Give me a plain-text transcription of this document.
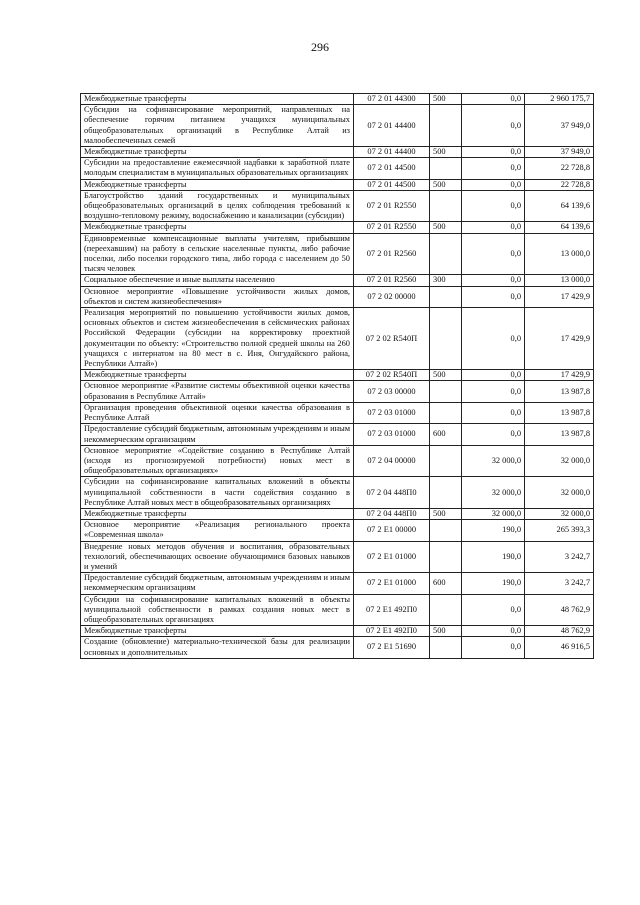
296
Межбюджетные трансферты	07 2 01 44300	500	0,0	2 960 175,7
Субсидии на софинансирование мероприятий, направленных на обеспечение горячим питанием учащихся муниципальных общеобразовательных организаций в Республике Алтай из малообеспеченных семей	07 2 01 44400		0,0	37 949,0
Межбюджетные трансферты	07 2 01 44400	500	0,0	37 949,0
Субсидии на предоставление ежемесячной надбавки к заработной плате молодым специалистам в муниципальных образовательных организациях	07 2 01 44500		0,0	22 728,8
Межбюджетные трансферты	07 2 01 44500	500	0,0	22 728,8
Благоустройство зданий государственных и муниципальных общеобразовательных организаций в целях соблюдения требований к воздушно-тепловому режиму, водоснабжению и канализации (субсидии)	07 2 01 R2550		0,0	64 139,6
Межбюджетные трансферты	07 2 01 R2550	500	0,0	64 139,6
Единовременные компенсационные выплаты учителям, прибывшим (переехавшим) на работу в сельские населенные пункты, либо рабочие поселки, либо поселки городского типа, либо города с населением до 50 тысяч человек	07 2 01 R2560		0,0	13 000,0
Социальное обеспечение и иные выплаты населению	07 2 01 R2560	300	0,0	13 000,0
Основное мероприятие «Повышение устойчивости жилых домов, объектов и систем жизнеобеспечения»	07 2 02 00000		0,0	17 429,9
Реализация мероприятий по повышению устойчивости жилых домов, основных объектов и систем жизнеобеспечения в сейсмических районах Российской Федерации (субсидии на корректировку проектной документации по объекту: «Строительство полной средней школы на 260 учащихся с интернатом на 80 мест в с. Иня, Онгудайского района, Республики Алтай»)	07 2 02 R540П		0,0	17 429,9
Межбюджетные трансферты	07 2 02 R540П	500	0,0	17 429,9
Основное мероприятие «Развитие системы объективной оценки качества образования в Республике Алтай»	07 2 03 00000		0,0	13 987,8
Организация проведения объективной оценки качества образования в Республике Алтай	07 2 03 01000		0,0	13 987,8
Предоставление субсидий бюджетным, автономным учреждениям и иным некоммерческим организациям	07 2 03 01000	600	0,0	13 987,8
Основное мероприятие «Содействие созданию в Республике Алтай (исходя из прогнозируемой потребности) новых мест в общеобразовательных организациях»	07 2 04 00000		32 000,0	32 000,0
Субсидии на софинансирование капитальных вложений в объекты муниципальной собственности в части содействия созданию в Республике Алтай новых мест в общеобразовательных организациях	07 2 04 448П0		32 000,0	32 000,0
Межбюджетные трансферты	07 2 04 448П0	500	32 000,0	32 000,0
Основное мероприятие «Реализация регионального проекта «Современная школа»	07 2 E1 00000		190,0	265 393,3
Внедрение новых методов обучения и воспитания, образовательных технологий, обеспечивающих освоение обучающимися базовых навыков и умений	07 2 E1 01000		190,0	3 242,7
Предоставление субсидий бюджетным, автономным учреждениям и иным некоммерческим организациям	07 2 E1 01000	600	190,0	3 242,7
Субсидии на софинансирование капитальных вложений в объекты муниципальной собственности в рамках создания новых мест в общеобразовательных организациях	07 2 E1 492П0		0,0	48 762,9
Межбюджетные трансферты	07 2 E1 492П0	500	0,0	48 762,9
Создание (обновление) материально-технической базы для реализации основных и дополнительных	07 2 E1 51690		0,0	46 916,5
